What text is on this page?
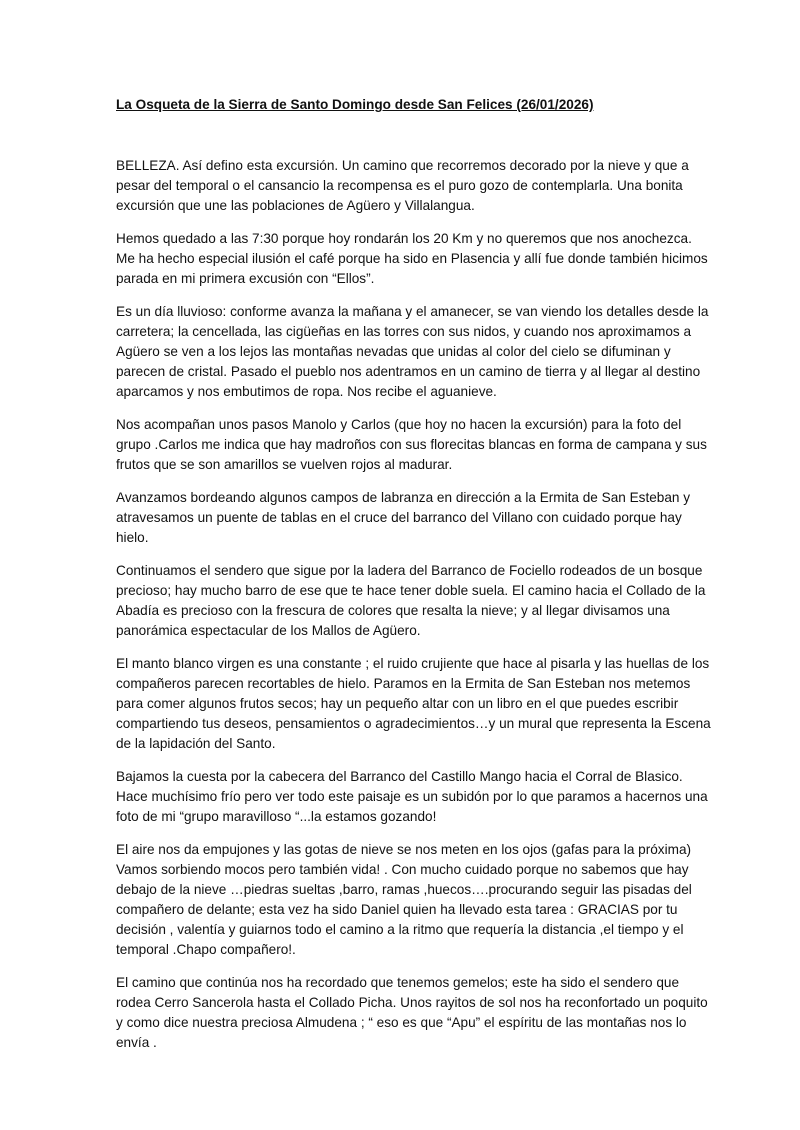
La Osqueta de la Sierra de Santo Domingo desde San Felices (26/01/2026)

BELLEZA. Así defino esta excursión. Un camino que recorremos decorado por la nieve y que a pesar del temporal o el cansancio la recompensa es el puro gozo de contemplarla. Una bonita excursión que une las poblaciones de Agüero y Villalangua.

Hemos quedado a las 7:30 porque hoy rondarán los 20 Km y no queremos que nos anochezca. Me ha hecho especial ilusión el café porque ha sido en Plasencia y allí fue donde también hicimos parada en mi primera excusión con “Ellos”.

Es un día lluvioso: conforme avanza la mañana y el amanecer, se van viendo los detalles desde la carretera; la cencellada, las cigüeñas en las torres con sus nidos, y cuando nos aproximamos a Agüero se ven a los lejos las montañas nevadas que unidas al color del cielo se difuminan y parecen de cristal. Pasado el pueblo nos adentramos en un camino de tierra y al llegar al destino aparcamos y nos embutimos de ropa. Nos recibe el aguanieve.

Nos acompañan unos pasos Manolo y Carlos (que hoy no hacen la excursión) para la foto del grupo .Carlos me indica que hay madroños con sus florecitas blancas en forma de campana y sus frutos que se son amarillos se vuelven rojos al madurar.

Avanzamos bordeando algunos campos de labranza en dirección a la Ermita de San Esteban y atravesamos un puente de tablas en el cruce del barranco del Villano con cuidado porque hay hielo.

Continuamos el sendero que sigue por la ladera del Barranco de Fociello rodeados de un bosque precioso; hay mucho barro de ese que te hace tener doble suela. El camino hacia el Collado de la Abadía es precioso con la frescura de colores que resalta la nieve; y al llegar divisamos una panorámica espectacular de los Mallos de Agüero.

El manto blanco virgen es una constante ; el ruido crujiente que hace al pisarla y las huellas de los compañeros parecen recortables de hielo. Paramos en la Ermita de San Esteban nos metemos para comer algunos frutos secos; hay un pequeño altar con un libro en el que puedes escribir compartiendo tus deseos, pensamientos o agradecimientos…y un mural que representa la Escena de la lapidación del Santo.

Bajamos la cuesta por la cabecera del Barranco del Castillo Mango hacia el Corral de Blasico. Hace muchísimo frío pero ver todo este paisaje es un subidón por lo que paramos a hacernos una foto de mi “grupo maravilloso “...la estamos gozando!

El aire nos da empujones y las gotas de nieve se nos meten en los ojos (gafas para la próxima) Vamos sorbiendo mocos pero también vida! . Con mucho cuidado porque no sabemos que hay debajo de la nieve …piedras sueltas ,barro, ramas ,huecos….procurando seguir las pisadas del compañero de delante; esta vez ha sido Daniel quien ha llevado esta tarea : GRACIAS por tu decisión , valentía y guiarnos todo el camino a la ritmo que requería la distancia ,el tiempo y el temporal .Chapo compañero!.

El camino que continúa nos ha recordado que tenemos gemelos; este ha sido el sendero que rodea Cerro Sancerola hasta el Collado Picha. Unos rayitos de sol nos ha reconfortado un poquito y como dice nuestra preciosa Almudena ; “ eso es que “Apu” el espíritu de las montañas nos lo envía .
